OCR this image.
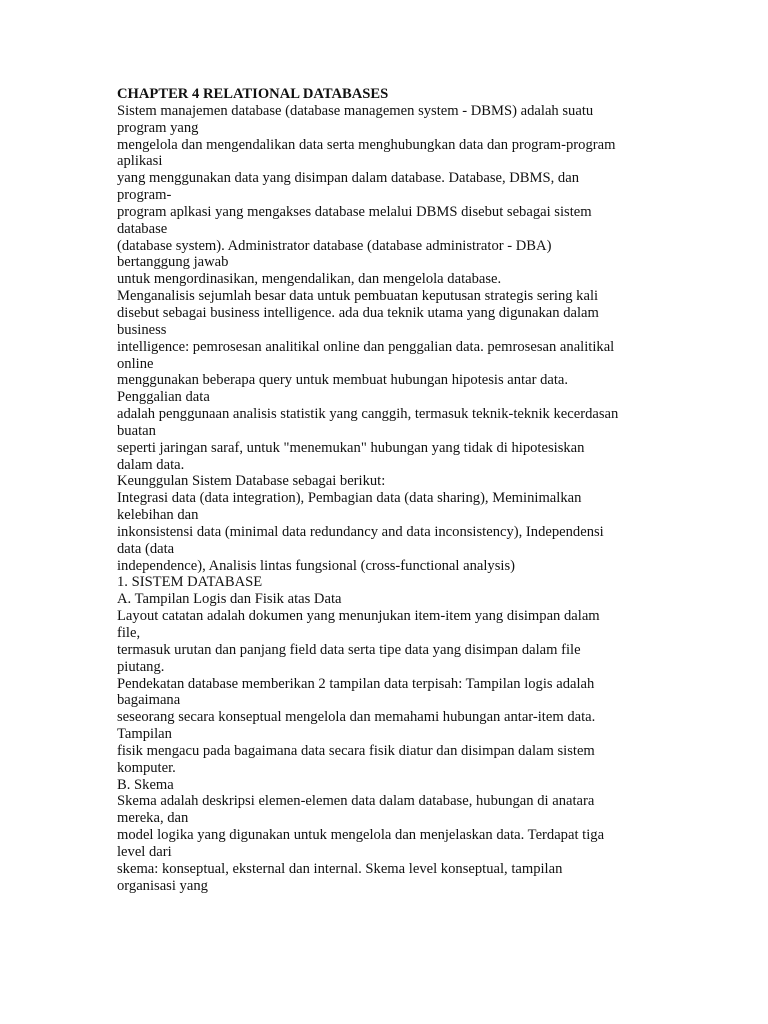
CHAPTER 4 RELATIONAL DATABASES
Sistem manajemen database (database managemen system - DBMS) adalah suatu
program yang
mengelola dan mengendalikan data serta menghubungkan data dan program-program
aplikasi
yang menggunakan data yang disimpan dalam database. Database, DBMS, dan
program-
program aplkasi yang mengakses database melalui DBMS disebut sebagai sistem
database
(database system). Administrator database (database administrator - DBA)
bertanggung jawab
untuk mengordinasikan, mengendalikan, dan mengelola database.
Menganalisis sejumlah besar data untuk pembuatan keputusan strategis sering kali
disebut sebagai business intelligence. ada dua teknik utama yang digunakan dalam
business
intelligence: pemrosesan analitikal online dan penggalian data. pemrosesan analitikal
online
menggunakan beberapa query untuk membuat hubungan hipotesis antar data.
Penggalian data
adalah penggunaan analisis statistik yang canggih, termasuk teknik-teknik kecerdasan
buatan
seperti jaringan saraf, untuk "menemukan" hubungan yang tidak di hipotesiskan
dalam data.
Keunggulan Sistem Database sebagai berikut:
Integrasi data (data integration), Pembagian data (data sharing), Meminimalkan
kelebihan dan
inkonsistensi data (minimal data redundancy and data inconsistency), Independensi
data (data
independence), Analisis lintas fungsional (cross-functional analysis)
1. SISTEM DATABASE
A. Tampilan Logis dan Fisik atas Data
Layout catatan adalah dokumen yang menunjukan item-item yang disimpan dalam
file,
termasuk urutan dan panjang field data serta tipe data yang disimpan dalam file
piutang.
Pendekatan database memberikan 2 tampilan data terpisah: Tampilan logis adalah
bagaimana
seseorang secara konseptual mengelola dan memahami hubungan antar-item data.
Tampilan
fisik mengacu pada bagaimana data secara fisik diatur dan disimpan dalam sistem
komputer.
B. Skema
Skema adalah deskripsi elemen-elemen data dalam database, hubungan di anatara
mereka, dan
model logika yang digunakan untuk mengelola dan menjelaskan data. Terdapat tiga
level dari
skema: konseptual, eksternal dan internal. Skema level konseptual, tampilan
organisasi yang
